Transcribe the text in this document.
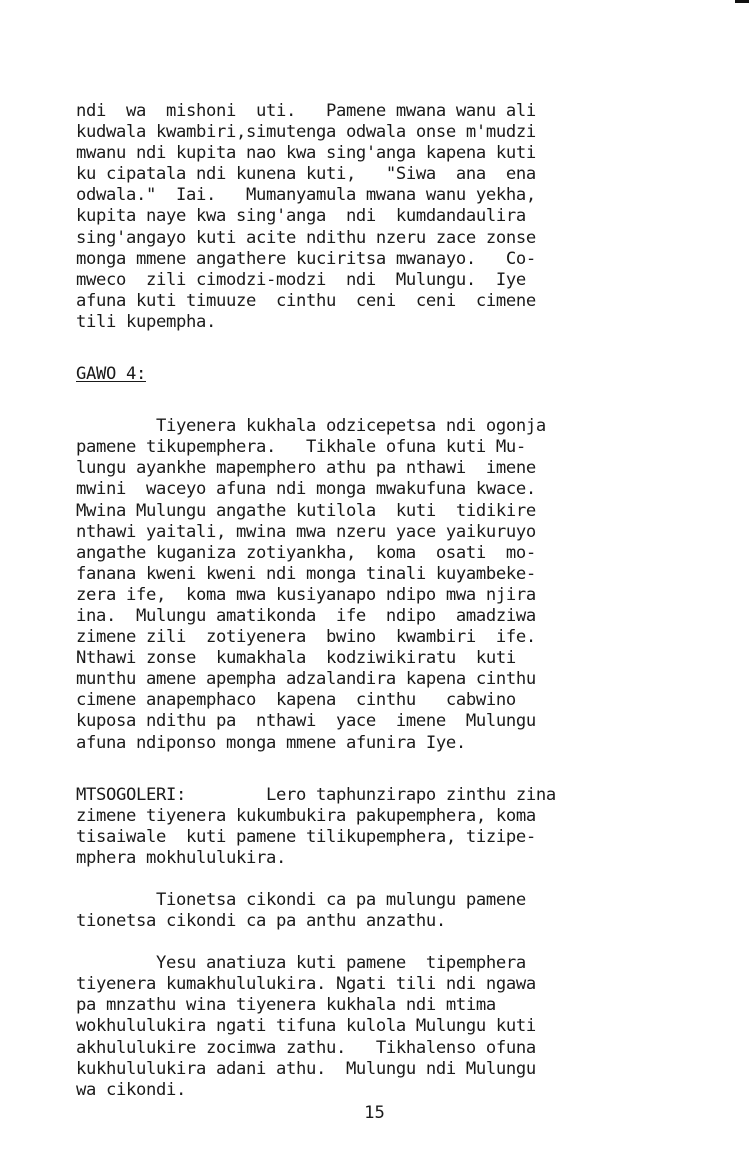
ndi  wa  mishoni  uti.   Pamene mwana wanu ali
kudwala kwambiri,simutenga odwala onse m'mudzi
mwanu ndi kupita nao kwa sing'anga kapena kuti
ku cipatala ndi kunena kuti,   "Siwa  ana  ena
odwala."  Iai.   Mumanyamula mwana wanu yekha,
kupita naye kwa sing'anga  ndi  kumdandaulira
sing'angayo kuti acite ndithu nzeru zace zonse
monga mmene angathere kuciritsa mwanayo.   Co-
mweco  zili cimodzi-modzi  ndi  Mulungu.  Iye
afuna kuti timuuze  cinthu  ceni  ceni  cimene
tili kupempha.
GAWO 4:
Tiyenera kukhala odzicepetsa ndi ogonja
pamene tikupemphera.   Tikhale ofuna kuti Mu-
lungu ayankhe mapemphero athu pa nthawi  imene
mwini  waceyo afuna ndi monga mwakufuna kwace.
Mwina Mulungu angathe kutilola  kuti  tidikire
nthawi yaitali, mwina mwa nzeru yace yaikuruyo
angathe kuganiza zotiyankha,  koma  osati  mo-
fanana kweni kweni ndi monga tinali kuyambeke-
zera ife,  koma mwa kusiyanapo ndipo mwa njira
ina.  Mulungu amatikonda  ife  ndipo  amadziwa
zimene zili  zotiyenera  bwino  kwambiri  ife.
Nthawi zonse  kumakhala  kodziwikiratu  kuti
munthu amene apempha adzalandira kapena cinthu
cimene anapemphaco  kapena  cinthu   cabwino
kuposa ndithu pa  nthawi  yace  imene  Mulungu
afuna ndiponso monga mmene afunira Iye.
MTSOGOLERI:        Lero taphunzirapo zinthu zina
zimene tiyenera kukumbukira pakupemphera, koma
tisaiwale  kuti pamene tilikupemphera, tizipe-
mphera mokhululukira.
Tionetsa cikondi ca pa mulungu pamene
tionetsa cikondi ca pa anthu anzathu.
Yesu anatiuza kuti pamene  tipemphera
tiyenera kumakhululukira. Ngati tili ndi ngawa
pa mnzathu wina tiyenera kukhala ndi mtima
wokhululukira ngati tifuna kulola Mulungu kuti
akhululukire zocimwa zathu.   Tikhalenso ofuna
kukhululukira adani athu.  Mulungu ndi Mulungu
wa cikondi.
15
